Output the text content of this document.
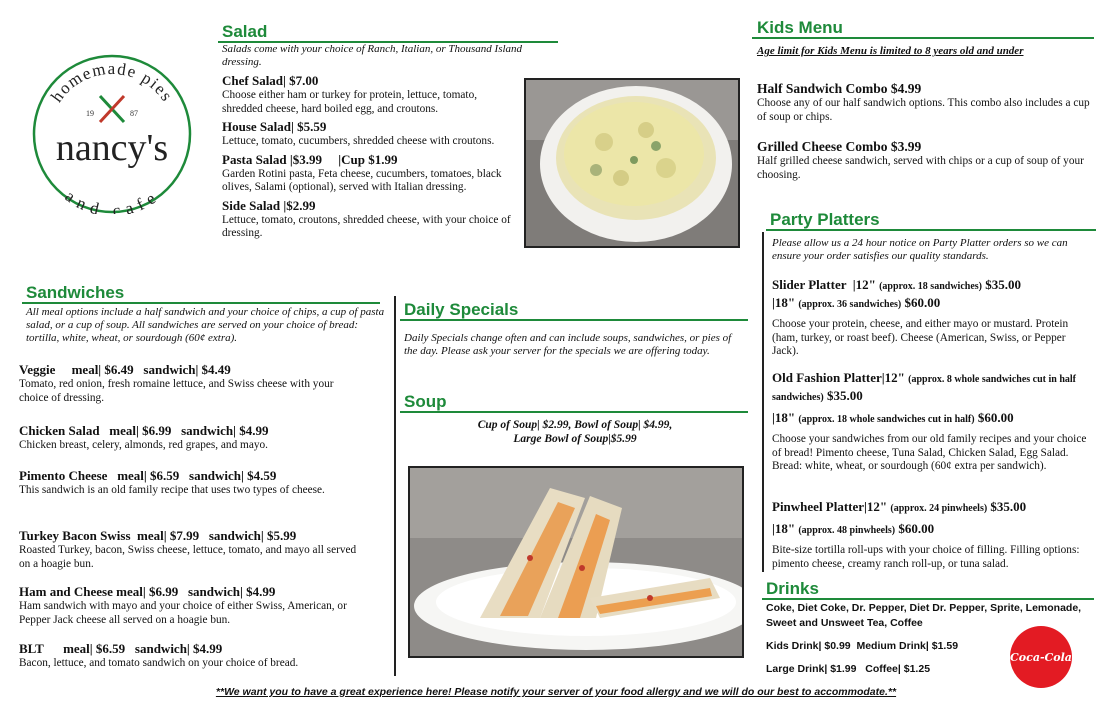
homemade pies
and cafe
19	87
nancy's
Salad
Salads come with your choice of Ranch, Italian, or Thousand Island dressing.
Chef Salad| $7.00
Choose either ham or turkey for protein, lettuce, tomato, shredded cheese, hard boiled egg, and croutons.
House Salad| $5.59
Lettuce, tomato, cucumbers, shredded cheese with croutons.
Pasta Salad |$3.99     |Cup $1.99
Garden Rotini pasta, Feta cheese, cucumbers, tomatoes, black olives, Salami (optional), served with Italian dressing.
Side Salad |$2.99
Lettuce, tomato, croutons, shredded cheese, with your choice of dressing.
Sandwiches
All meal options include a half sandwich and your choice of chips, a cup of pasta salad, or a cup of soup. All sandwiches are served on your choice of bread: tortilla, white, wheat, or sourdough (60¢ extra).
Veggie     meal| $6.49   sandwich| $4.49
Tomato, red onion, fresh romaine lettuce, and Swiss cheese with your choice of dressing.
Chicken Salad   meal| $6.99   sandwich| $4.99
Chicken breast, celery, almonds, red grapes, and mayo.
Pimento Cheese   meal| $6.59   sandwich| $4.59
This sandwich is an old family recipe that uses two types of cheese.
Turkey Bacon Swiss  meal| $7.99   sandwich| $5.99
Roasted Turkey, bacon, Swiss cheese, lettuce, tomato, and mayo all served on a hoagie bun.
Ham and Cheese meal| $6.99   sandwich| $4.99
Ham sandwich with mayo and your choice of either Swiss, American, or Pepper Jack cheese all served on a hoagie bun.
BLT      meal| $6.59   sandwich| $4.99
Bacon, lettuce, and tomato sandwich on your choice of bread.
Daily Specials
Daily Specials change often and can include soups, sandwiches, or pies of the day. Please ask your server for the specials we are offering today.
Soup
Cup of Soup| $2.99, Bowl of Soup| $4.99,
Large Bowl of Soup|$5.99
Kids Menu
Age limit for Kids Menu is limited to 8 years old and under
Half Sandwich Combo $4.99
Choose any of our half sandwich options. This combo also includes a cup of soup or chips.
Grilled Cheese Combo $3.99
Half grilled cheese sandwich, served with chips or a cup of soup of your choosing.
Party Platters
Please allow us a 24 hour notice on Party Platter orders so we can ensure your order satisfies our quality standards.
Slider Platter  |12" (approx. 18 sandwiches) $35.00
|18" (approx. 36 sandwiches) $60.00
Choose your protein, cheese, and either mayo or mustard. Protein (ham, turkey, or roast beef). Cheese (American, Swiss, or Pepper Jack).
Old Fashion Platter|12" (approx. 8 whole sandwiches cut in half sandwiches) $35.00
|18" (approx. 18 whole sandwiches cut in half) $60.00
Choose your sandwiches from our old family recipes and your choice of bread! Pimento cheese, Tuna Salad, Chicken Salad, Egg Salad. Bread: white, wheat, or sourdough (60¢ extra per sandwich).
Pinwheel Platter|12" (approx. 24 pinwheels) $35.00
|18" (approx. 48 pinwheels) $60.00
Bite-size tortilla roll-ups with your choice of filling. Filling options: pimento cheese, creamy ranch roll-up, or tuna salad.
Drinks
Coke, Diet Coke, Dr. Pepper, Diet Dr. Pepper, Sprite, Lemonade, Sweet and Unsweet Tea, Coffee
Kids Drink| $0.99  Medium Drink| $1.59
Large Drink| $1.99   Coffee| $1.25
Coca-Cola
**We want you to have a great experience here! Please notify your server of your food allergy and we will do our best to accommodate.**
